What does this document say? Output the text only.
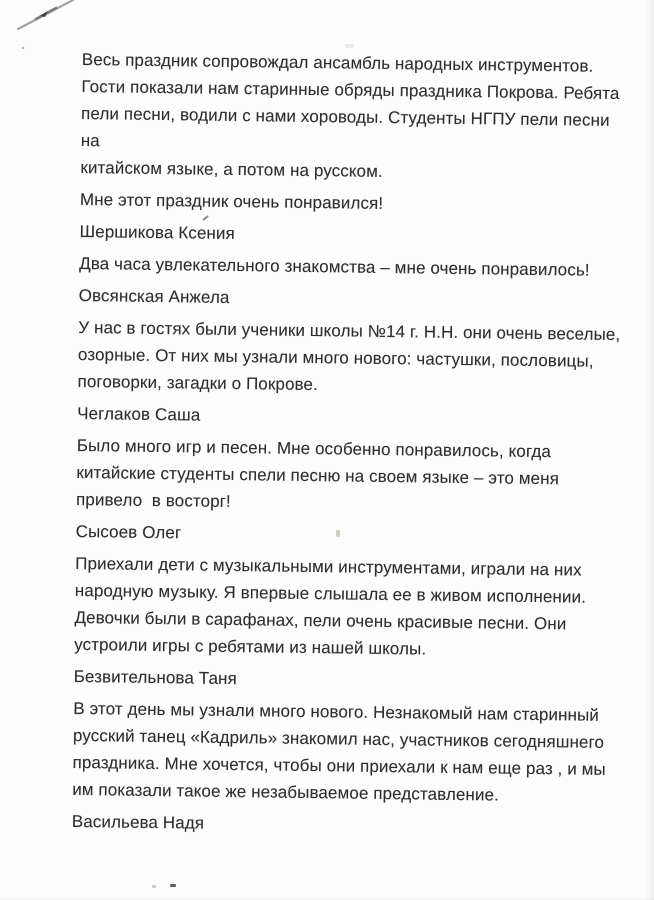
Весь праздник сопровождал ансамбль народных инструментов.
Гости показали нам старинные обряды праздника Покрова. Ребята
пели песни, водили с нами хороводы. Студенты НГПУ пели песни на
китайском языке, а потом на русском.

Мне этот праздник очень понравился!

Шершикова Ксения

Два часа увлекательного знакомства – мне очень понравилось!

Овсянская Анжела

У нас в гостях были ученики школы №14 г. Н.Н. они очень веселые,
озорные. От них мы узнали много нового: частушки, пословицы,
поговорки, загадки о Покрове.

Чеглаков Саша

Было много игр и песен. Мне особенно понравилось, когда
китайские студенты спели песню на своем языке – это меня
привело  в восторг!

Сысоев Олег

Приехали дети с музыкальными инструментами, играли на них
народную музыку. Я впервые слышала ее в живом исполнении.
Девочки были в сарафанах, пели очень красивые песни. Они
устроили игры с ребятами из нашей школы.

Безвительнова Таня

В этот день мы узнали много нового. Незнакомый нам старинный
русский танец «Кадриль» знакомил нас, участников сегодняшнего
праздника. Мне хочется, чтобы они приехали к нам еще раз , и мы
им показали такое же незабываемое представление.

Васильева Надя
